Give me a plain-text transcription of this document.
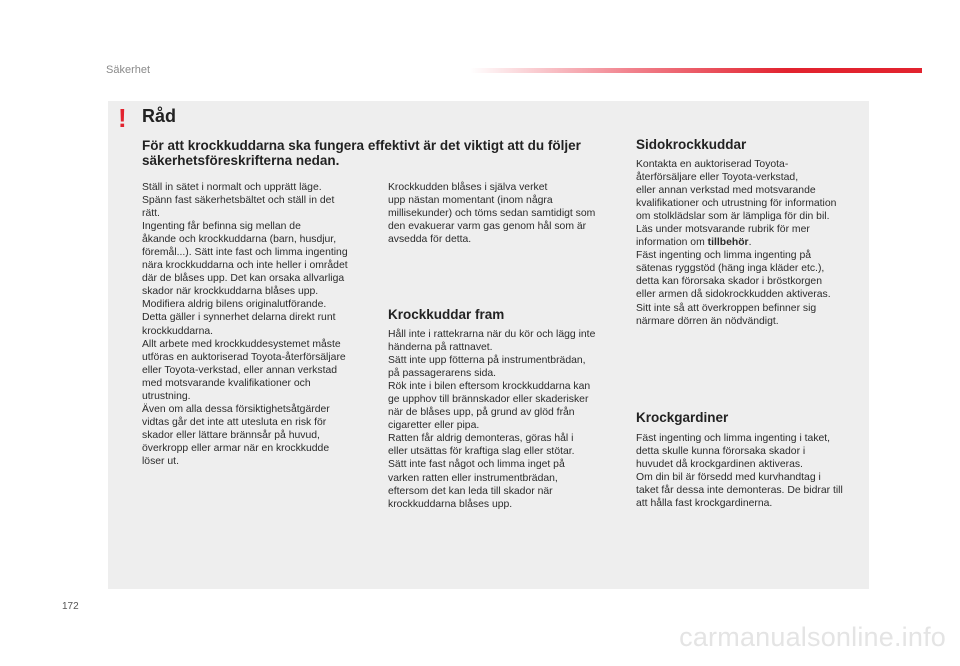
Säkerhet
! Råd
För att krockkuddarna ska fungera effektivt är det viktigt att du följer säkerhetsföreskrifterna nedan.

Ställ in sätet i normalt och upprätt läge.

Spänn fast säkerhetsbältet och ställ in det

rätt.

Ingenting får befinna sig mellan de

åkande och krockkuddarna (barn, husdjur,

föremål...). Sätt inte fast och limma ingenting

nära krockkuddarna och inte heller i området

där de blåses upp. Det kan orsaka allvarliga

skador när krockkuddarna blåses upp.

Modifiera aldrig bilens originalutförande.

Detta gäller i synnerhet delarna direkt runt

krockkuddarna.

Allt arbete med krockkuddesystemet måste

utföras en auktoriserad Toyota-återförsäljare

eller Toyota-verkstad, eller annan verkstad

med motsvarande kvalifikationer och

utrustning.

Även om alla dessa försiktighetsåtgärder

vidtas går det inte att utesluta en risk för

skador eller lättare brännsår på huvud,

överkropp eller armar när en krockkudde

löser ut.

Krockkudden blåses i själva verket

upp nästan momentant (inom några

millisekunder) och töms sedan samtidigt som

den evakuerar varm gas genom hål som är

avsedda för detta.

Krockkuddar fram

Håll inte i rattekrarna när du kör och lägg inte

händerna på rattnavet.

Sätt inte upp fötterna på instrumentbrädan,

på passagerarens sida.

Rök inte i bilen eftersom krockkuddarna kan

ge upphov till brännskador eller skaderisker

när de blåses upp, på grund av glöd från

cigaretter eller pipa.

Ratten får aldrig demonteras, göras hål i

eller utsättas för kraftiga slag eller stötar.

Sätt inte fast något och limma inget på

varken ratten eller instrumentbrädan,

eftersom det kan leda till skador när

krockkuddarna blåses upp.

Sidokrockkuddar

Kontakta en auktoriserad Toyota-

återförsäljare eller Toyota-verkstad,

eller annan verkstad med motsvarande

kvalifikationer och utrustning för information

om stolklädslar som är lämpliga för din bil.

Läs under motsvarande rubrik för mer

information om tillbehör.

Fäst ingenting och limma ingenting på

sätenas ryggstöd (häng inga kläder etc.),

detta kan förorsaka skador i bröstkorgen

eller armen då sidokrockkudden aktiveras.

Sitt inte så att överkroppen befinner sig

närmare dörren än nödvändigt.

Krockgardiner

Fäst ingenting och limma ingenting i taket,

detta skulle kunna förorsaka skador i

huvudet då krockgardinen aktiveras.

Om din bil är försedd med kurvhandtag i

taket får dessa inte demonteras. De bidrar till

att hålla fast krockgardinerna.

172
carmanualsonline.info
